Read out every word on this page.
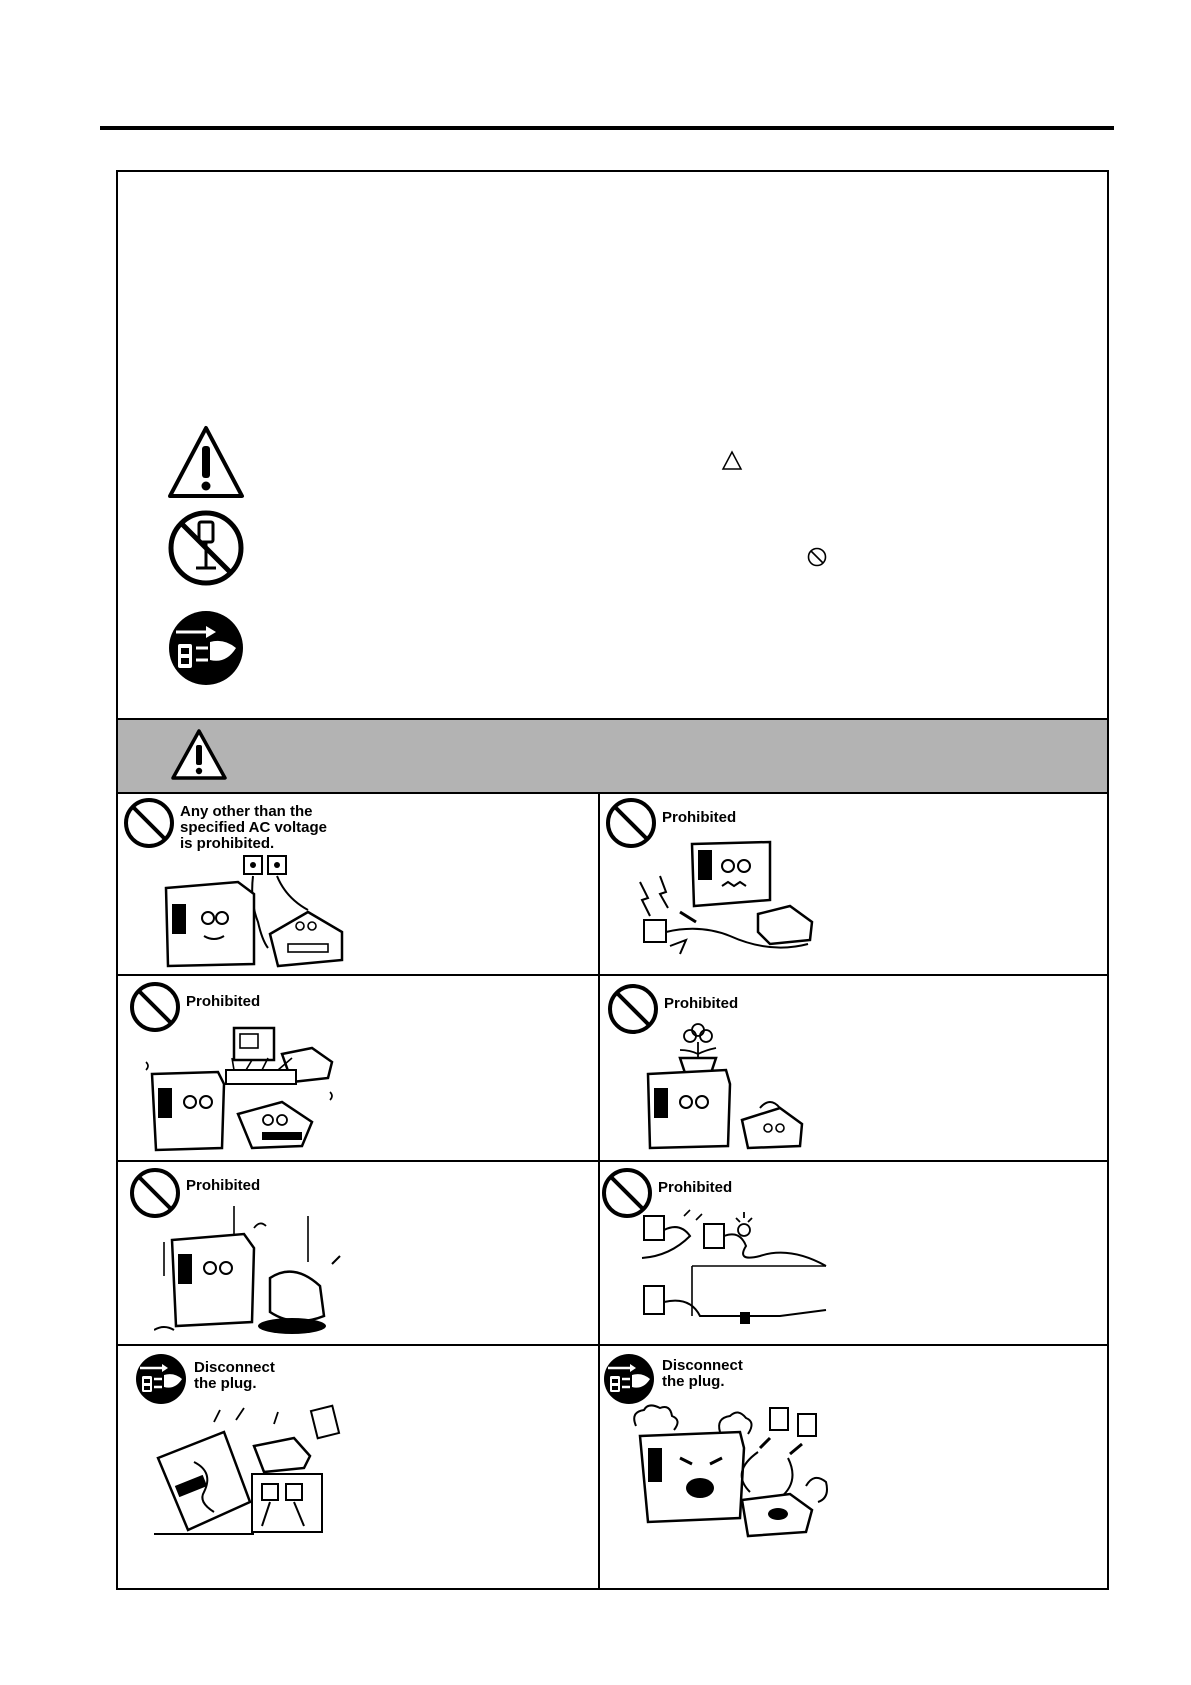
Any other than the
specified AC voltage
is prohibited.
Prohibited
Prohibited	Prohibited
Prohibited	Prohibited
Disconnect
the plug.
Disconnect
the plug.
